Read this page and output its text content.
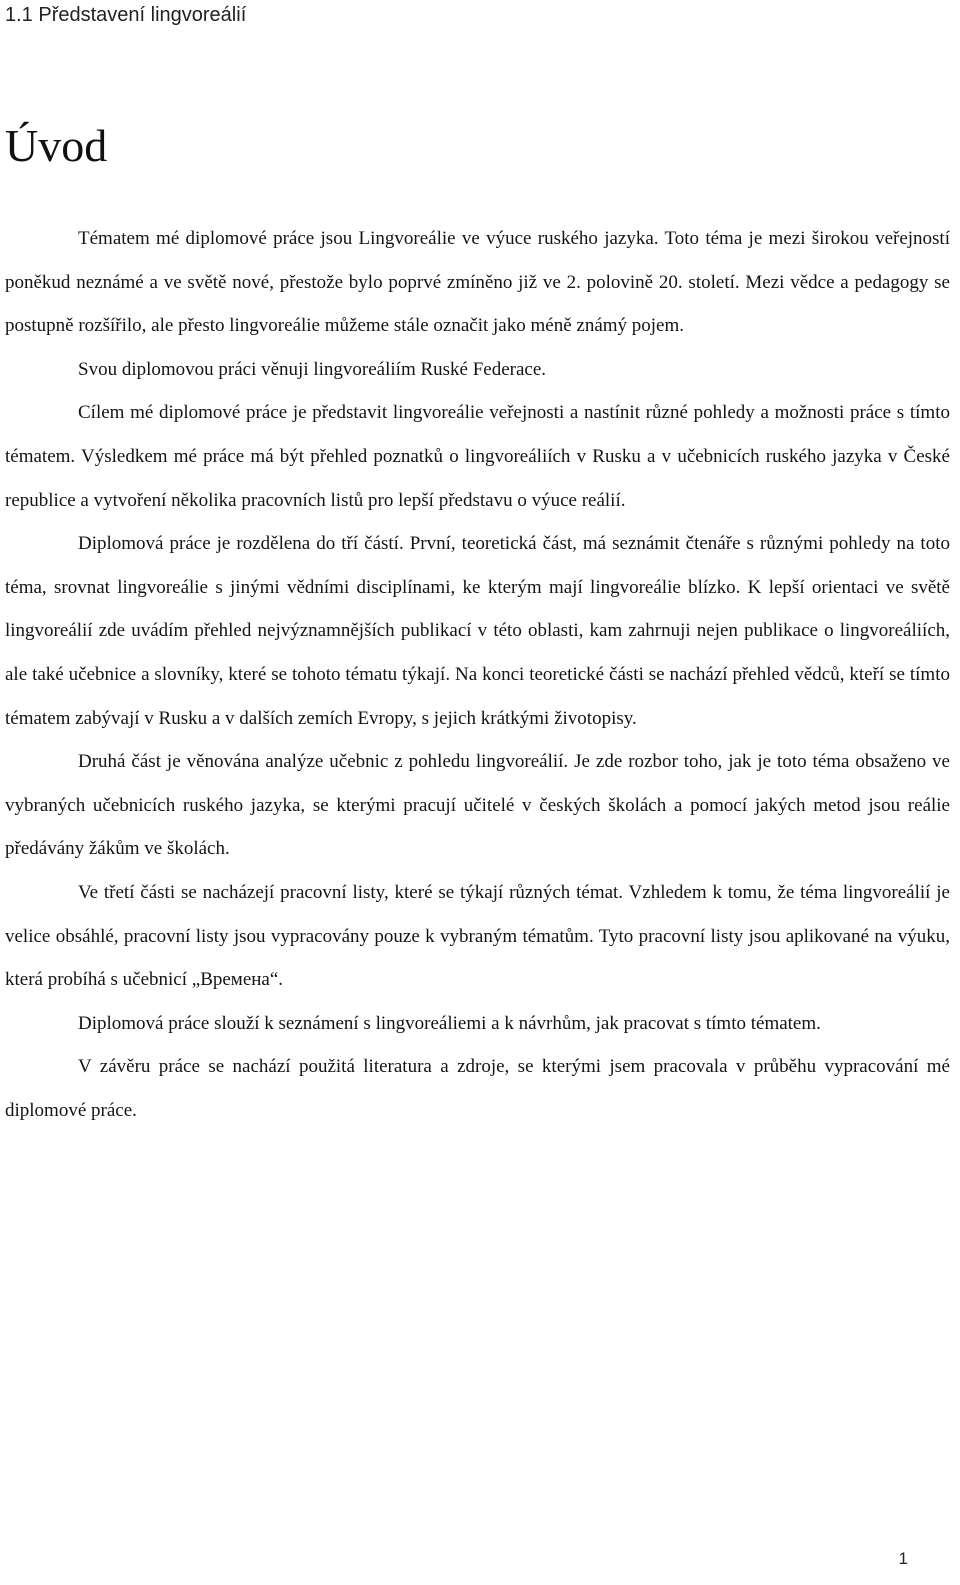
1.1 Představení lingvoreálií
Úvod

Tématem mé diplomové práce jsou Lingvoreálie ve výuce ruského jazyka. Toto téma je mezi širokou veřejností poněkud neznámé a ve světě nové, přestože bylo poprvé zmíněno již ve 2. polovině 20. století. Mezi vědce a pedagogy se postupně rozšířilo, ale přesto lingvoreálie můžeme stále označit jako méně známý pojem.

Svou diplomovou práci věnuji lingvoreáliím Ruské Federace.

Cílem mé diplomové práce je představit lingvoreálie veřejnosti a nastínit různé pohledy a možnosti práce s tímto tématem. Výsledkem mé práce má být přehled poznatků o lingvoreáliích v Rusku a v učebnicích ruského jazyka v České republice a vytvoření několika pracovních listů pro lepší představu o výuce reálií.

Diplomová práce je rozdělena do tří částí. První, teoretická část, má seznámit čtenáře s různými pohledy na toto téma, srovnat lingvoreálie s jinými vědními disciplínami, ke kterým mají lingvoreálie blízko. K lepší orientaci ve světě lingvoreálií zde uvádím přehled nejvýznamnějších publikací v této oblasti, kam zahrnuji nejen publikace o lingvoreáliích, ale také učebnice a slovníky, které se tohoto tématu týkají. Na konci teoretické části se nachází přehled vědců, kteří se tímto tématem zabývají v Rusku a v dalších zemích Evropy, s jejich krátkými životopisy.

Druhá část je věnována analýze učebnic z pohledu lingvoreálií. Je zde rozbor toho, jak je toto téma obsaženo ve vybraných učebnicích ruského jazyka, se kterými pracují učitelé v českých školách a pomocí jakých metod jsou reálie předávány žákům ve školách.

Ve třetí části se nacházejí pracovní listy, které se týkají různých témat. Vzhledem k tomu, že téma lingvoreálií je velice obsáhlé, pracovní listy jsou vypracovány pouze k vybraným tématům. Tyto pracovní listy jsou aplikované na výuku, která probíhá s učebnicí „Времена“.

Diplomová práce slouží k seznámení s lingvoreáliemi a k návrhům, jak pracovat s tímto tématem.

V závěru práce se nachází použitá literatura a zdroje, se kterými jsem pracovala v průběhu vypracování mé diplomové práce.

1
